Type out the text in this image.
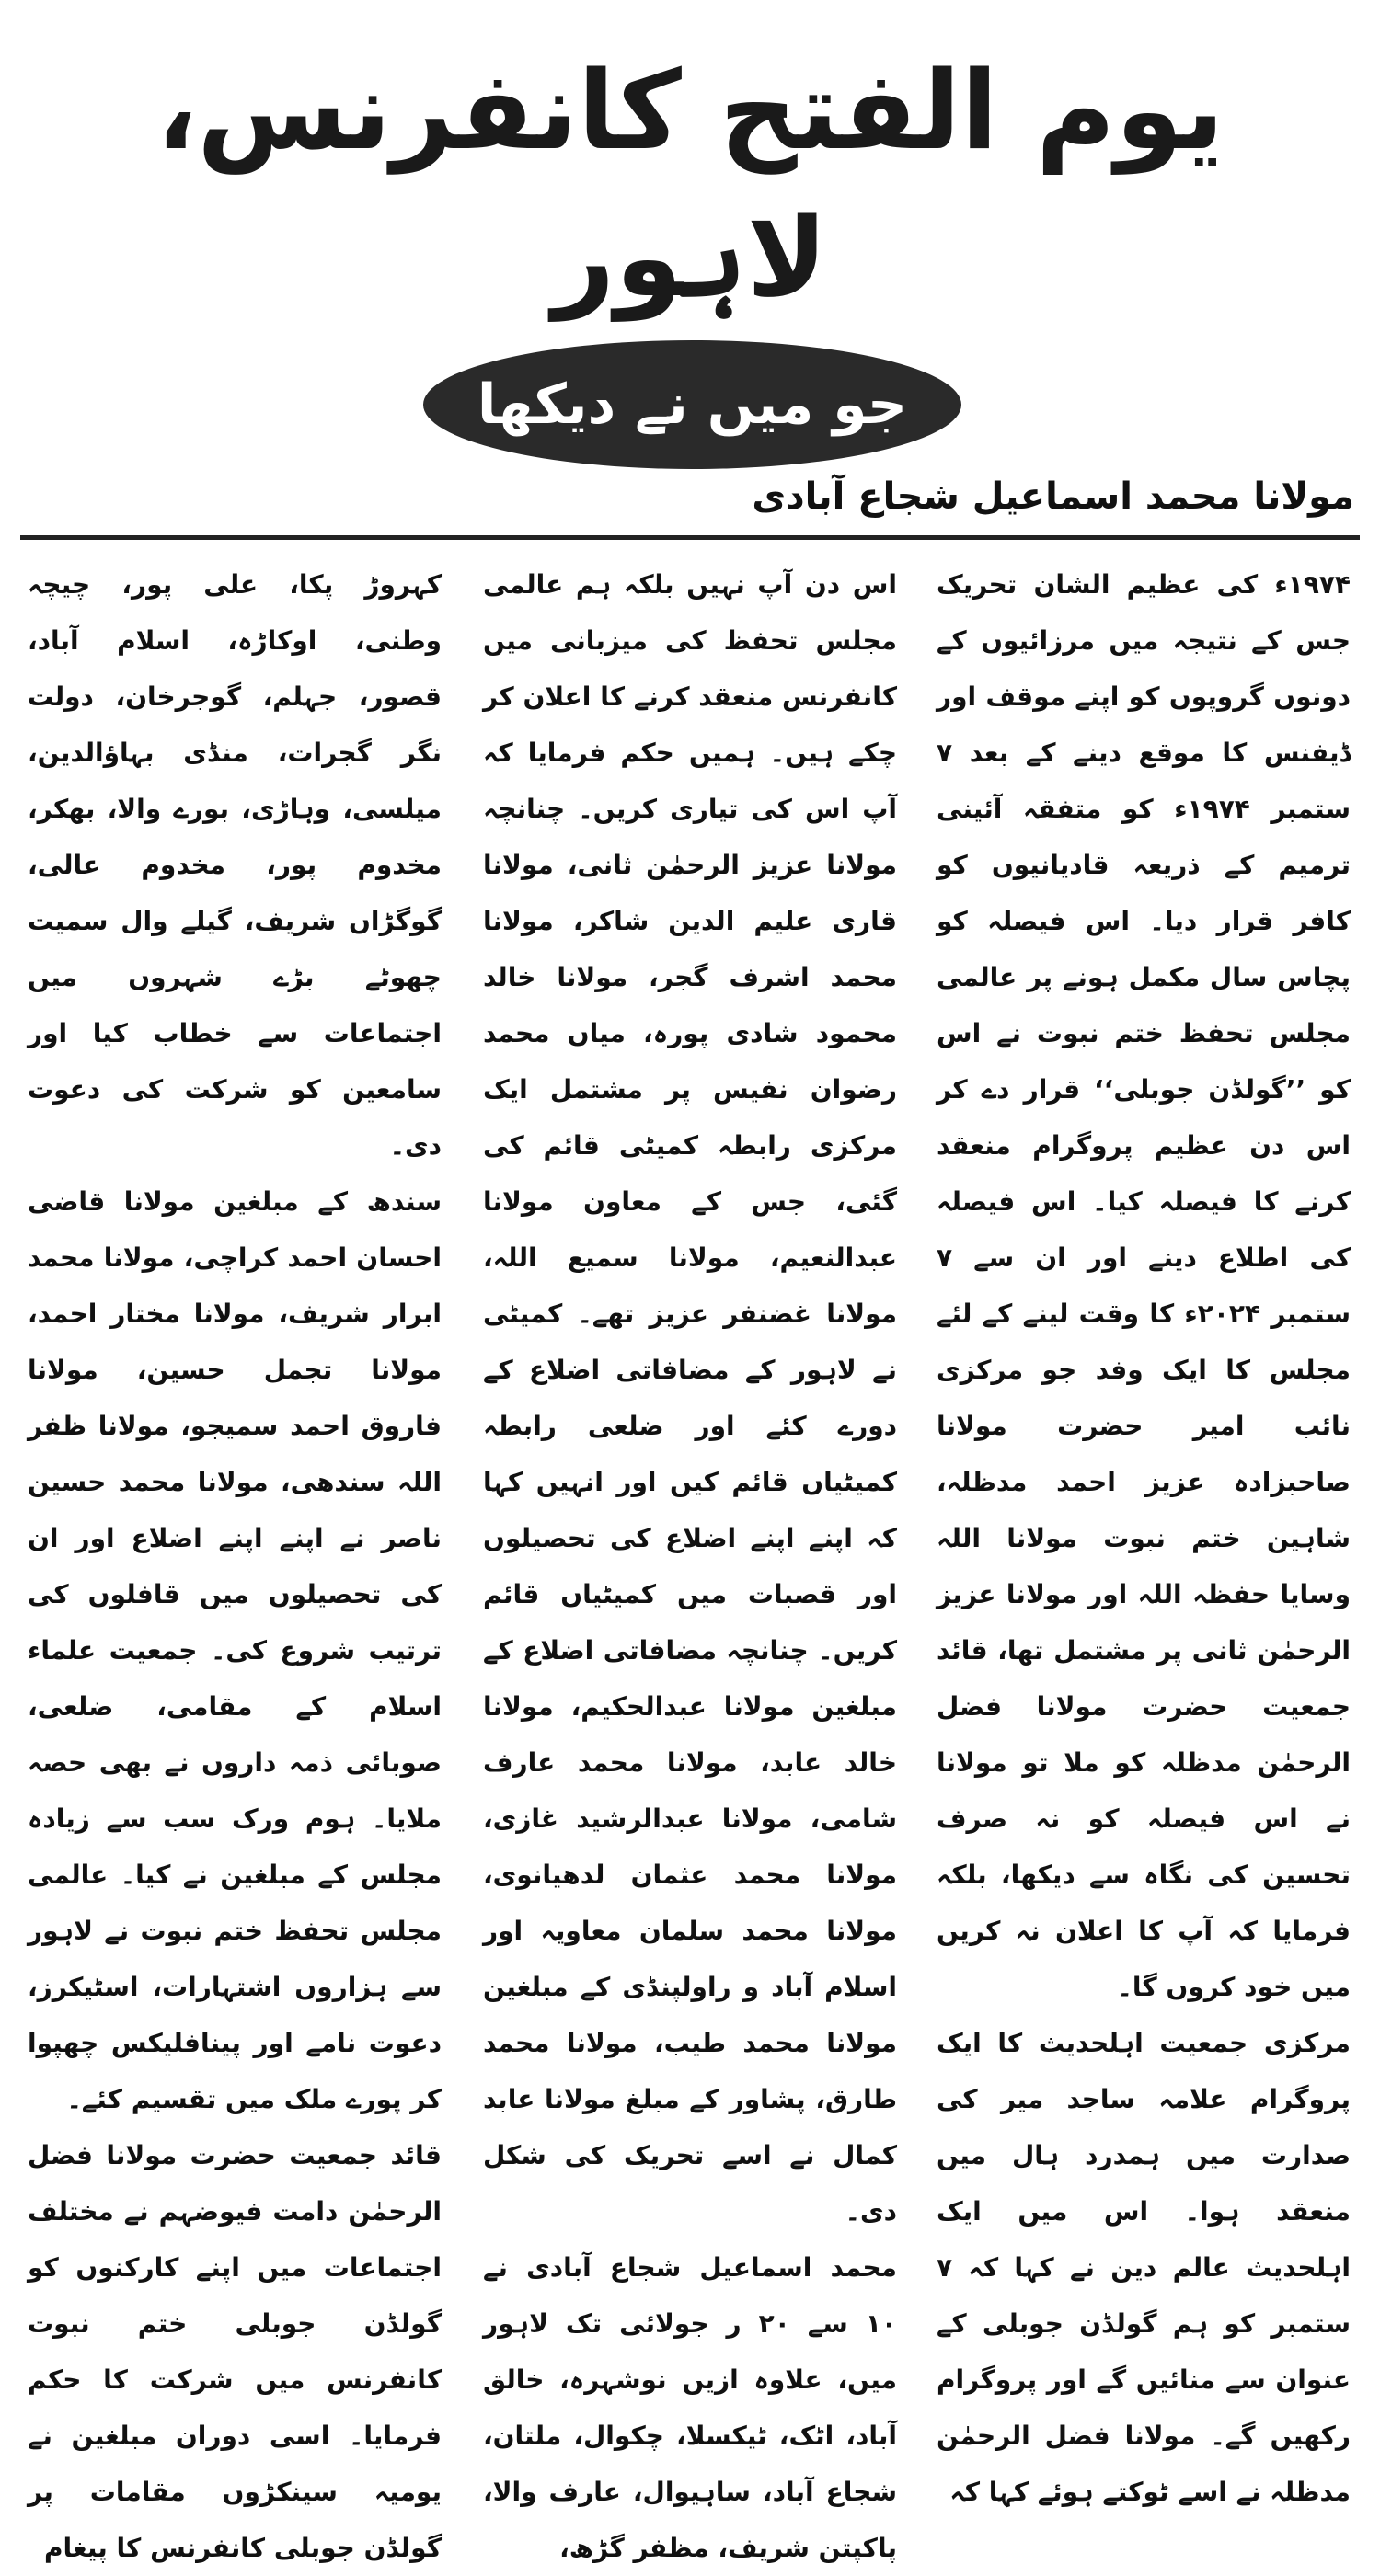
یوم الفتح کانفرنس، لاہور
جو میں نے دیکھا
مولانا محمد اسماعیل شجاع آبادی

۱۹۷۴ء کی عظیم الشان تحریک جس کے نتیجہ میں مرزائیوں کے دونوں گروپوں کو اپنے موقف اور ڈیفنس کا موقع دینے کے بعد ۷ ستمبر ۱۹۷۴ء کو متفقہ آئینی ترمیم کے ذریعہ قادیانیوں کو کافر قرار دیا۔ اس فیصلہ کو پچاس سال مکمل ہونے پر عالمی مجلس تحفظ ختم نبوت نے اس کو ’’گولڈن جوبلی‘‘ قرار دے کر اس دن عظیم پروگرام منعقد کرنے کا فیصلہ کیا۔ اس فیصلہ کی اطلاع دینے اور ان سے ۷ ستمبر ۲۰۲۴ء کا وقت لینے کے لئے مجلس کا ایک وفد جو مرکزی نائب امیر حضرت مولانا صاحبزادہ عزیز احمد مدظلہ، شاہین ختم نبوت مولانا اللہ وسایا حفظہ اللہ اور مولانا عزیز الرحمٰن ثانی پر مشتمل تھا، قائد جمعیت حضرت مولانا فضل الرحمٰن مدظلہ کو ملا تو مولانا نے اس فیصلہ کو نہ صرف تحسین کی نگاہ سے دیکھا، بلکہ فرمایا کہ آپ کا اعلان نہ کریں میں خود کروں گا۔

مرکزی جمعیت اہلحدیث کا ایک پروگرام علامہ ساجد میر کی صدارت میں ہمدرد ہال میں منعقد ہوا۔ اس میں ایک اہلحدیث عالم دین نے کہا کہ ۷ ستمبر کو ہم گولڈن جوبلی کے عنوان سے منائیں گے اور پروگرام رکھیں گے۔ مولانا فضل الرحمٰن مدظلہ نے اسے ٹوکتے ہوئے کہا کہ

اس دن آپ نہیں بلکہ ہم عالمی مجلس تحفظ کی میزبانی میں کانفرنس منعقد کرنے کا اعلان کر چکے ہیں۔ ہمیں حکم فرمایا کہ آپ اس کی تیاری کریں۔ چنانچہ مولانا عزیز الرحمٰن ثانی، مولانا قاری علیم الدین شاکر، مولانا محمد اشرف گجر، مولانا خالد محمود شادی پورہ، میاں محمد رضوان نفیس پر مشتمل ایک مرکزی رابطہ کمیٹی قائم کی گئی، جس کے معاون مولانا عبدالنعیم، مولانا سمیع اللہ، مولانا غضنفر عزیز تھے۔ کمیٹی نے لاہور کے مضافاتی اضلاع کے دورے کئے اور ضلعی رابطہ کمیٹیاں قائم کیں اور انہیں کہا کہ اپنے اپنے اضلاع کی تحصیلوں اور قصبات میں کمیٹیاں قائم کریں۔ چنانچہ مضافاتی اضلاع کے مبلغین مولانا عبدالحکیم، مولانا خالد عابد، مولانا محمد عارف شامی، مولانا عبدالرشید غازی، مولانا محمد عثمان لدھیانوی، مولانا محمد سلمان معاویہ اور اسلام آباد و راولپنڈی کے مبلغین مولانا محمد طیب، مولانا محمد طارق، پشاور کے مبلغ مولانا عابد کمال نے اسے تحریک کی شکل دی۔

محمد اسماعیل شجاع آبادی نے ۱۰ سے ۲۰ ر جولائی تک لاہور میں، علاوہ ازیں نوشہرہ، خالق آباد، اٹک، ٹیکسلا، چکوال، ملتان، شجاع آباد، ساہیوال، عارف والا، پاکپتن شریف، مظفر گڑھ،

کہروڑ پکا، علی پور، چیچہ وطنی، اوکاڑہ، اسلام آباد، قصور، جہلم، گوجرخان، دولت نگر گجرات، منڈی بہاؤالدین، میلسی، وہاڑی، بورے والا، بھکر، مخدوم پور، مخدوم عالی، گوگڑاں شریف، گیلے وال سمیت چھوٹے بڑے شہروں میں اجتماعات سے خطاب کیا اور سامعین کو شرکت کی دعوت دی۔

سندھ کے مبلغین مولانا قاضی احسان احمد کراچی، مولانا محمد ابرار شریف، مولانا مختار احمد، مولانا تجمل حسین، مولانا فاروق احمد سمیجو، مولانا ظفر اللہ سندھی، مولانا محمد حسین ناصر نے اپنے اپنے اضلاع اور ان کی تحصیلوں میں قافلوں کی ترتیب شروع کی۔ جمعیت علماء اسلام کے مقامی، ضلعی، صوبائی ذمہ داروں نے بھی حصہ ملایا۔ ہوم ورک سب سے زیادہ مجلس کے مبلغین نے کیا۔ عالمی مجلس تحفظ ختم نبوت نے لاہور سے ہزاروں اشتہارات، اسٹیکرز، دعوت نامے اور پینافلیکس چھپوا کر پورے ملک میں تقسیم کئے۔

قائد جمعیت حضرت مولانا فضل الرحمٰن دامت فیوضہم نے مختلف اجتماعات میں اپنے کارکنوں کو گولڈن جوبلی ختم نبوت کانفرنس میں شرکت کا حکم فرمایا۔ اسی دوران مبلغین نے یومیہ سینکڑوں مقامات پر گولڈن جوبلی کانفرنس کا پیغام
